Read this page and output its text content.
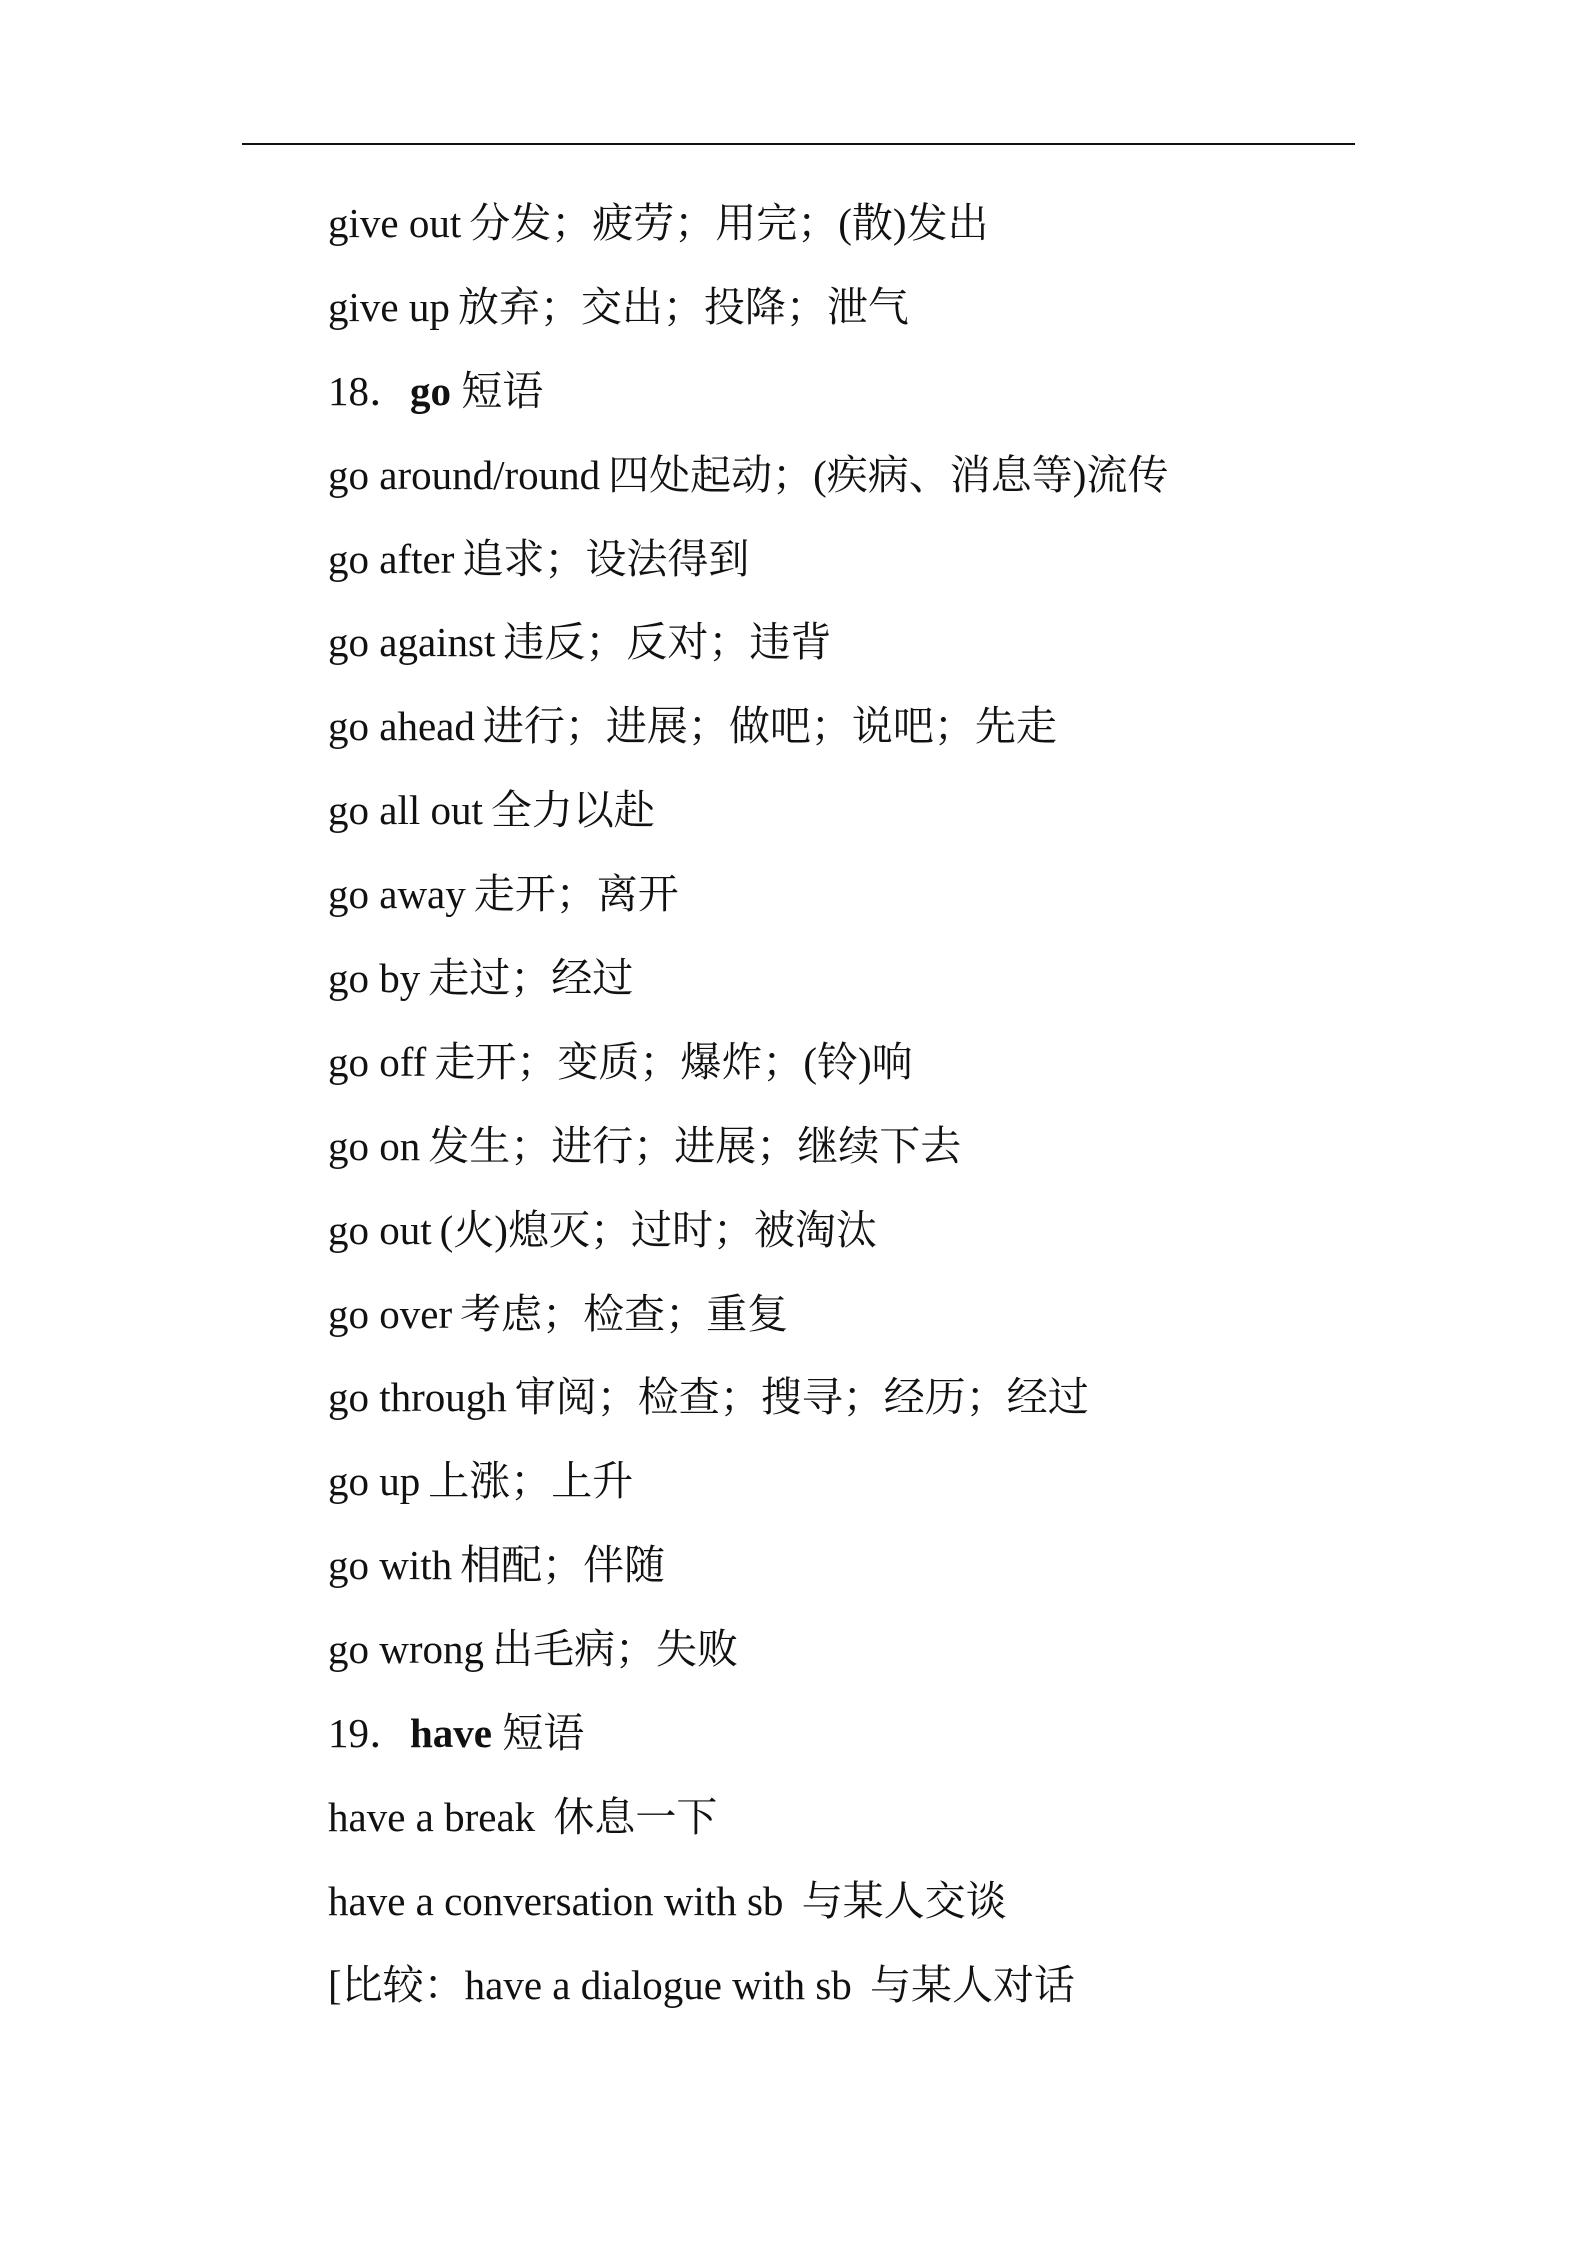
give out 分发；疲劳；用完；(散)发出
give up 放弃；交出；投降；泄气
18．go 短语
go around/round 四处起动；(疾病、消息等)流传
go after 追求；设法得到
go against 违反；反对；违背
go ahead 进行；进展；做吧；说吧；先走
go all out 全力以赴
go away 走开；离开
go by 走过；经过
go off 走开；变质；爆炸；(铃)响
go on 发生；进行；进展；继续下去
go out (火)熄灭；过时；被淘汰
go over 考虑；检查；重复
go through 审阅；检查；搜寻；经历；经过
go up 上涨；上升
go with 相配；伴随
go wrong 出毛病；失败
19．have 短语
have a break 休息一下
have a conversation with sb 与某人交谈
[比较：have a dialogue with sb 与某人对话
